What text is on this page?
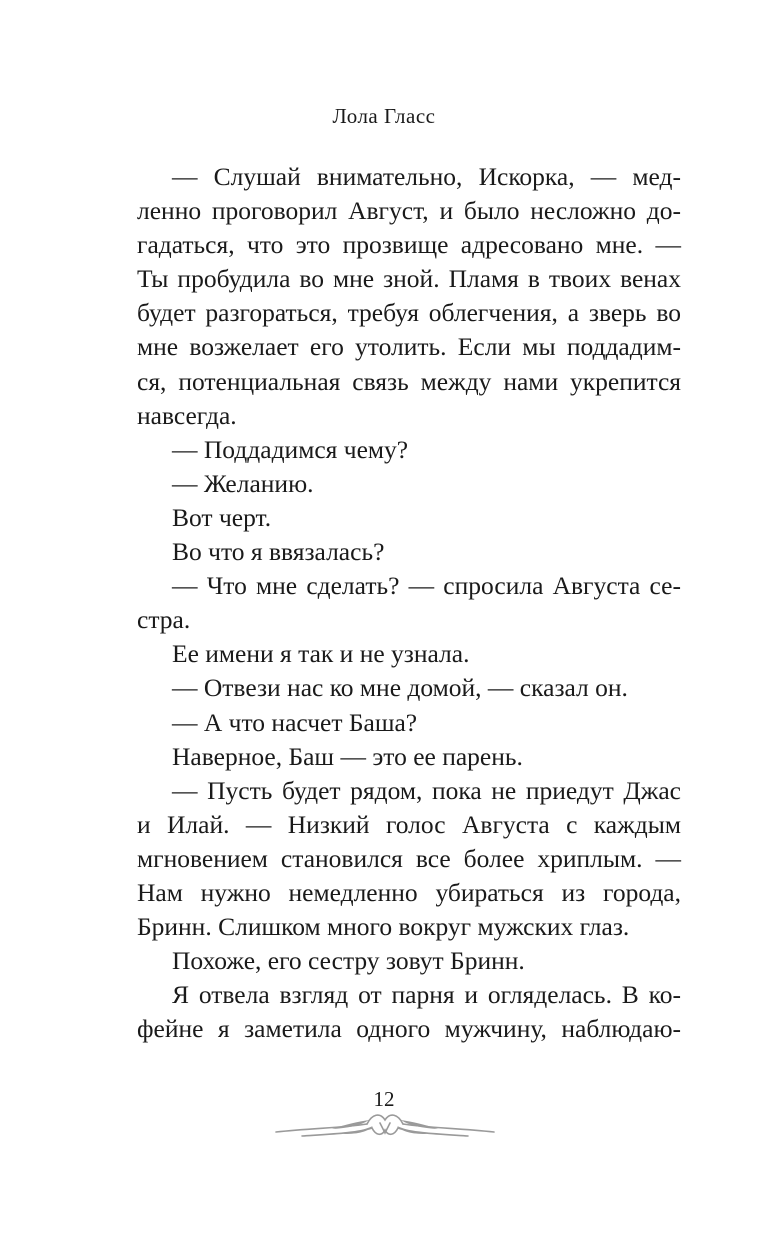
Лола Гласс
— Слушай внимательно, Искорка, — мед-
ленно проговорил Август, и было несложно до-
гадаться, что это прозвище адресовано мне. —
Ты пробудила во мне зной. Пламя в твоих венах
будет разгораться, требуя облегчения, а зверь во
мне возжелает его утолить. Если мы поддадим-
ся, потенциальная связь между нами укрепится
навсегда.
— Поддадимся чему?
— Желанию.
Вот черт.
Во что я ввязалась?
— Что мне сделать? — спросила Августа се-
стра.
Ее имени я так и не узнала.
— Отвези нас ко мне домой, — сказал он.
— А что насчет Баша?
Наверное, Баш — это ее парень.
— Пусть будет рядом, пока не приедут Джас
и Илай. — Низкий голос Августа с каждым
мгновением становился все более хриплым. —
Нам нужно немедленно убираться из города,
Бринн. Слишком много вокруг мужских глаз.
Похоже, его сестру зовут Бринн.
Я отвела взгляд от парня и огляделась. В ко-
фейне я заметила одного мужчину, наблюдаю-
12
